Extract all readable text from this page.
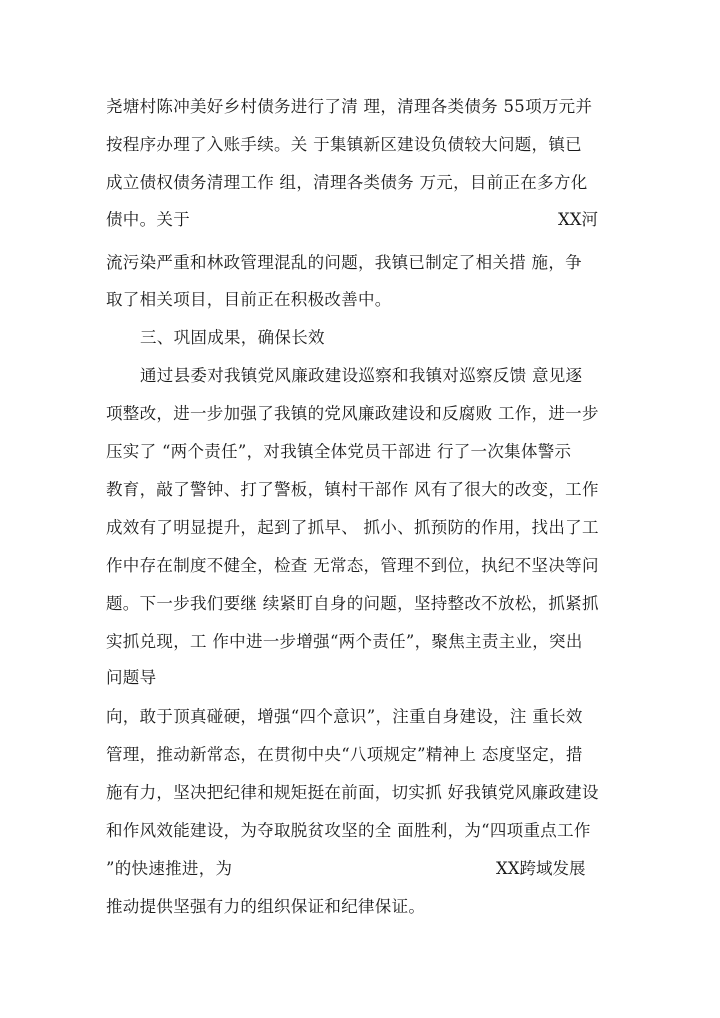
尧塘村陈冲美好乡村债务进行了清 理，清理各类债务 55项万元并
按程序办理了入账手续。关 于集镇新区建设负债较大问题，镇已
成立债权债务清理工作 组，清理各类债务 万元，目前正在多方化
债中。关于	XX河
流污染严重和林政管理混乱的问题，我镇已制定了相关措 施，争
取了相关项目，目前正在积极改善中。
三、巩固成果，确保长效
通过县委对我镇党风廉政建设巡察和我镇对巡察反馈 意见逐
项整改，进一步加强了我镇的党风廉政建设和反腐败 工作，进一步
压实了 “两个责任”，对我镇全体党员干部进 行了一次集体警示
教育，敲了警钟、打了警板，镇村干部作 风有了很大的改变，工作
成效有了明显提升，起到了抓早、 抓小、抓预防的作用，找出了工
作中存在制度不健全，检查 无常态，管理不到位，执纪不坚决等问
题。下一步我们要继 续紧盯自身的问题，坚持整改不放松，抓紧抓
实抓兑现，工 作中进一步增强“两个责任”，聚焦主责主业，突出
问题导
向，敢于顶真碰硬，增强“四个意识”，注重自身建设，注 重长效
管理，推动新常态，在贯彻中央“八项规定”精神上 态度坚定，措
施有力，坚决把纪律和规矩挺在前面，切实抓 好我镇党风廉政建设
和作风效能建设，为夺取脱贫攻坚的全 面胜利，为“四项重点工作
”的快速推进，为	XX跨域发展
推动提供坚强有力的组织保证和纪律保证。
